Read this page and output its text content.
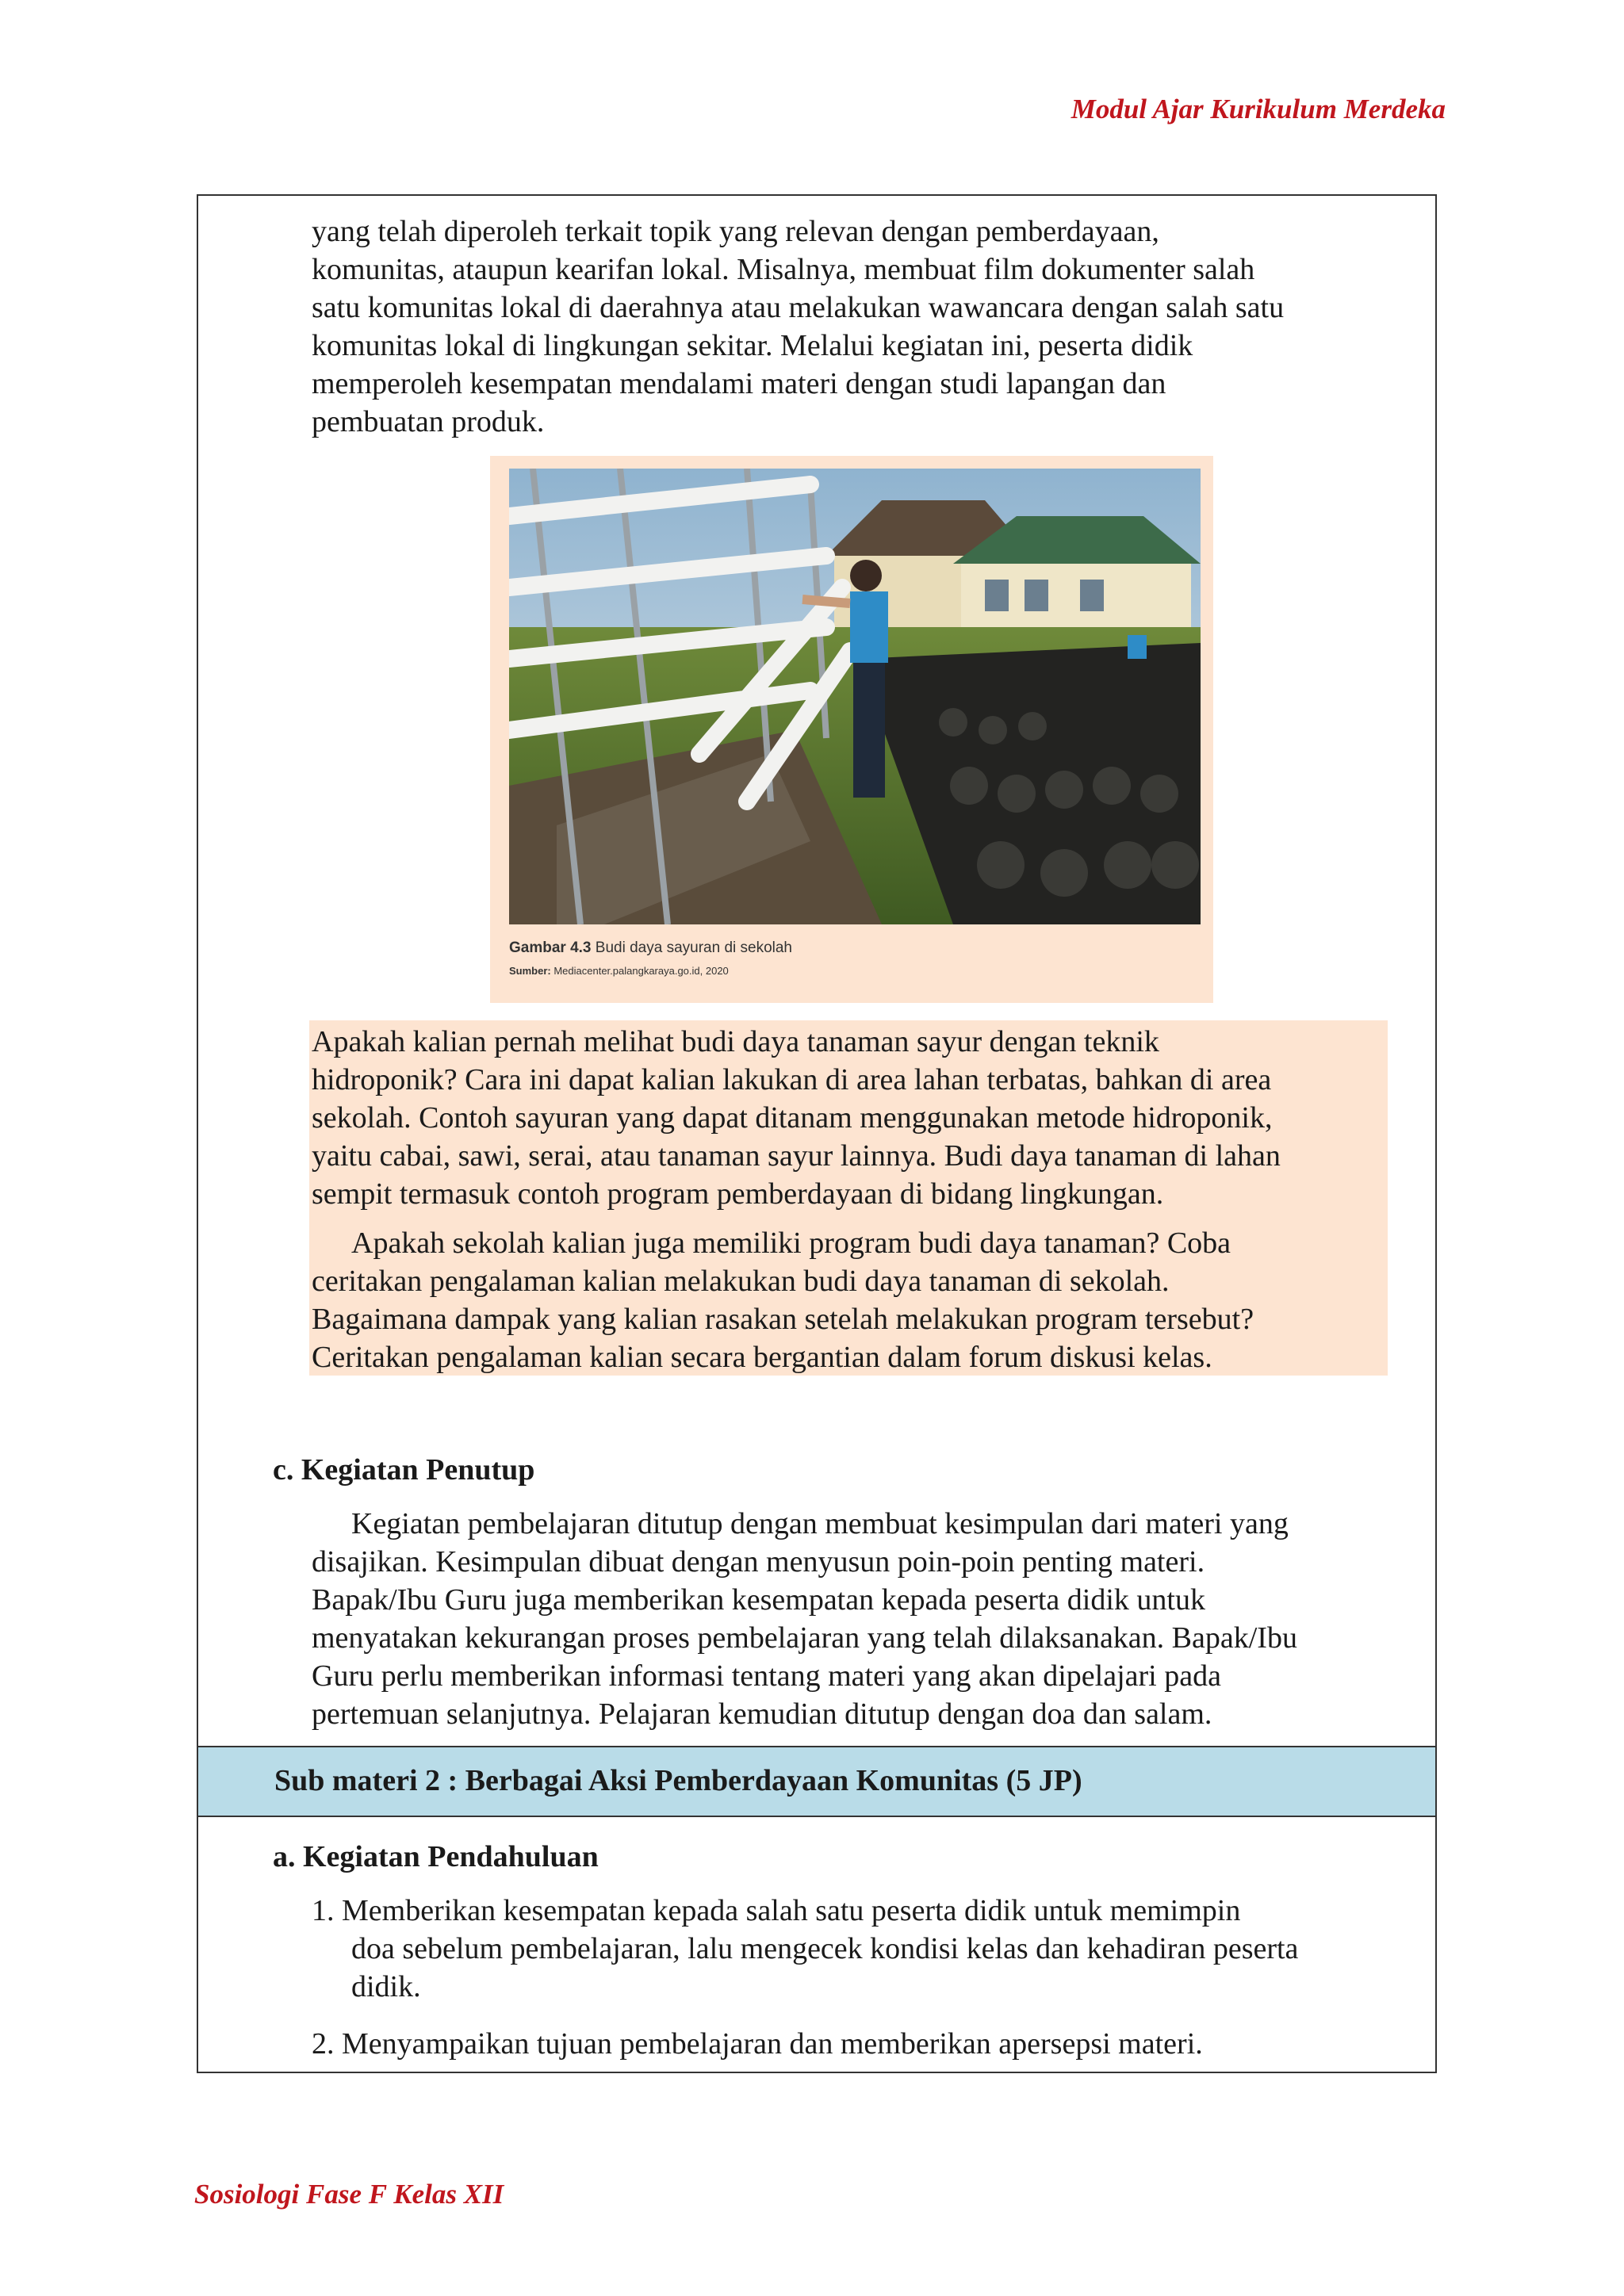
Modul Ajar Kurikulum Merdeka
Sub materi 2 : Berbagai Aksi Pemberdayaan Komunitas (5 JP)
yang telah diperoleh terkait topik yang relevan dengan pemberdayaan,
komunitas, ataupun kearifan lokal. Misalnya, membuat film dokumenter salah
satu komunitas lokal di daerahnya atau melakukan wawancara dengan salah satu
komunitas lokal di lingkungan sekitar. Melalui kegiatan ini, peserta didik
memperoleh kesempatan mendalami materi dengan studi lapangan dan
pembuatan produk.
Gambar 4.3 Budi daya sayuran di sekolah
Sumber: Mediacenter.palangkaraya.go.id, 2020
Apakah kalian pernah melihat budi daya tanaman sayur dengan teknik
hidroponik? Cara ini dapat kalian lakukan di area lahan terbatas, bahkan di area
sekolah. Contoh sayuran yang dapat ditanam menggunakan metode hidroponik,
yaitu cabai, sawi, serai, atau tanaman sayur lainnya. Budi daya tanaman di lahan
sempit termasuk contoh program pemberdayaan di bidang lingkungan.
Apakah sekolah kalian juga memiliki program budi daya tanaman? Coba
ceritakan pengalaman kalian melakukan budi daya tanaman di sekolah.
Bagaimana dampak yang kalian rasakan setelah melakukan program tersebut?
Ceritakan pengalaman kalian secara bergantian dalam forum diskusi kelas.
c. Kegiatan Penutup
Kegiatan pembelajaran ditutup dengan membuat kesimpulan dari materi yang
disajikan. Kesimpulan dibuat dengan menyusun poin-poin penting materi.
Bapak/Ibu Guru juga memberikan kesempatan kepada peserta didik untuk
menyatakan kekurangan proses pembelajaran yang telah dilaksanakan. Bapak/Ibu
Guru perlu memberikan informasi tentang materi yang akan dipelajari pada
pertemuan selanjutnya. Pelajaran kemudian ditutup dengan doa dan salam.
a. Kegiatan Pendahuluan
1. Memberikan kesempatan kepada salah satu peserta didik untuk memimpin
doa sebelum pembelajaran, lalu mengecek kondisi kelas dan kehadiran peserta
didik.
2. Menyampaikan tujuan pembelajaran dan memberikan apersepsi materi.
Sosiologi Fase F Kelas XII
